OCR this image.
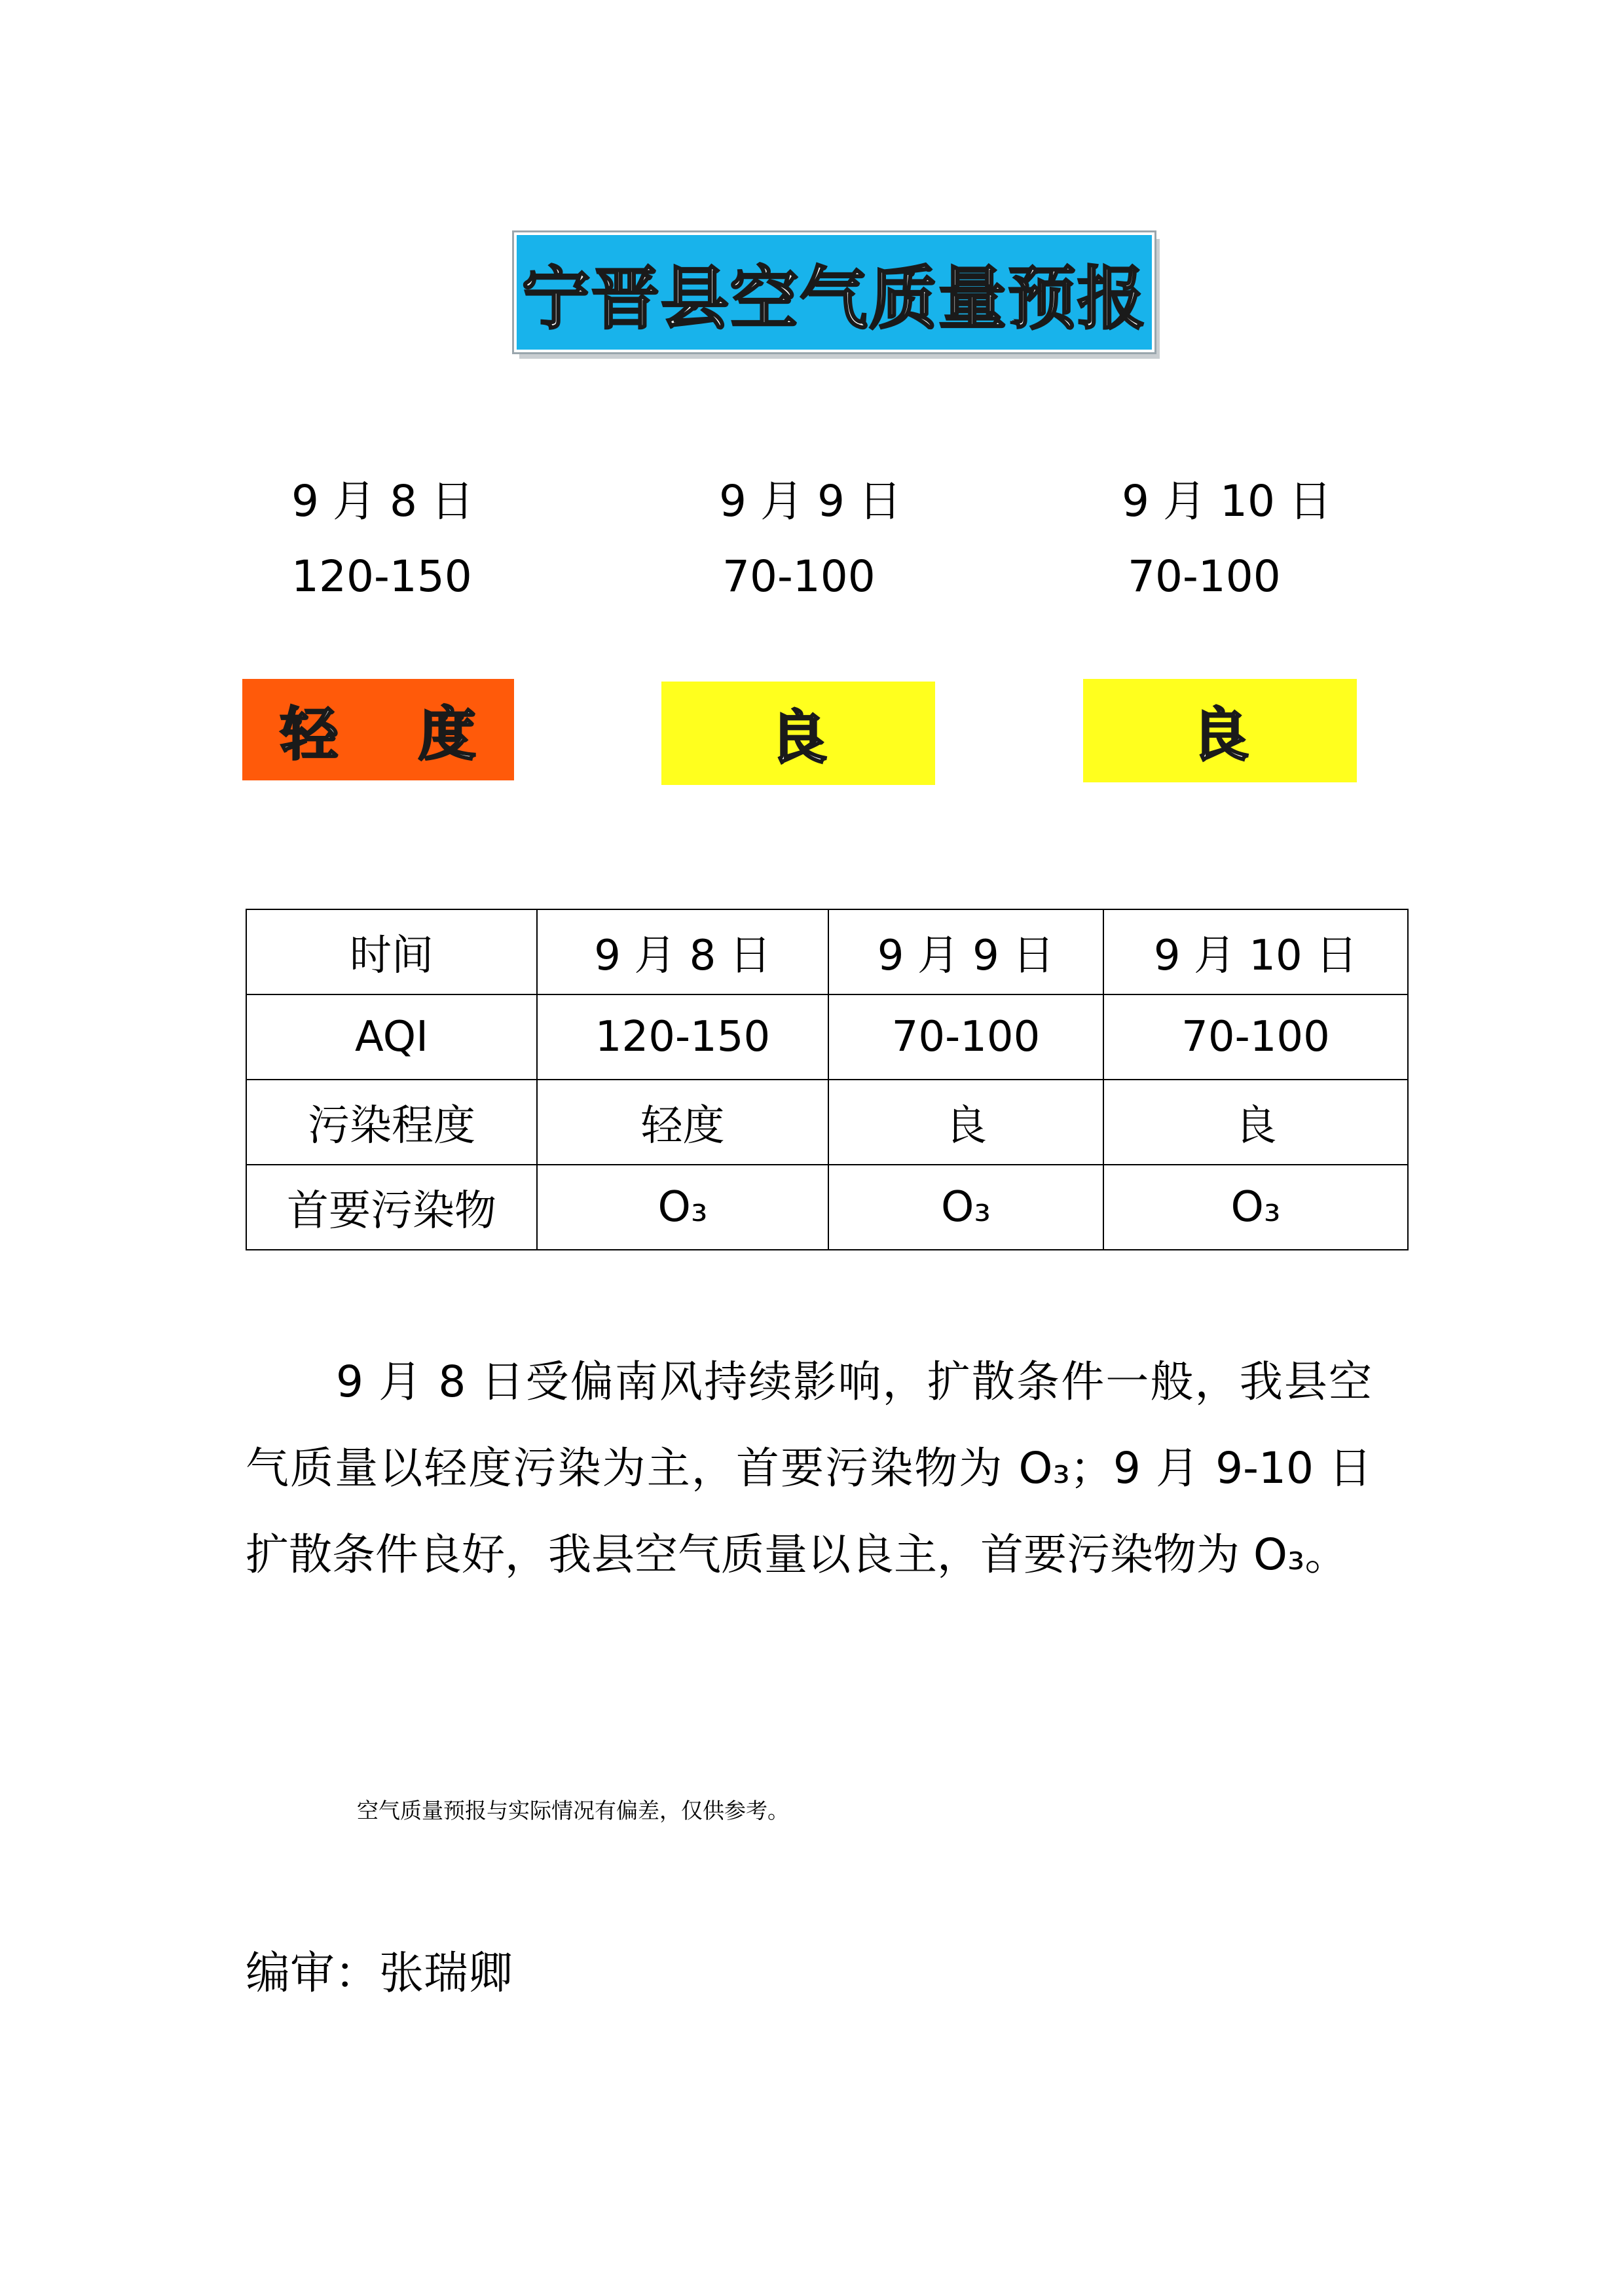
宁晋县空气质量预报
9 月 8 日
120-150
9 月 9 日
70-100
9 月 10 日
70-100
轻    度	良	良
时间	9 月 8 日	9 月 9 日	9 月 10 日
AQI	120-150	70-100	70-100
污染程度	轻度	良	良
首要污染物	O₃	O₃	O₃
9 月 8 日受偏南风持续影响，扩散条件一般，我县空气质量以轻度污染为主，首要污染物为 O₃；9 月 9-10 日扩散条件良好，我县空气质量以良主，首要污染物为 O₃。
空气质量预报与实际情况有偏差，仅供参考。
编审：张瑞卿
